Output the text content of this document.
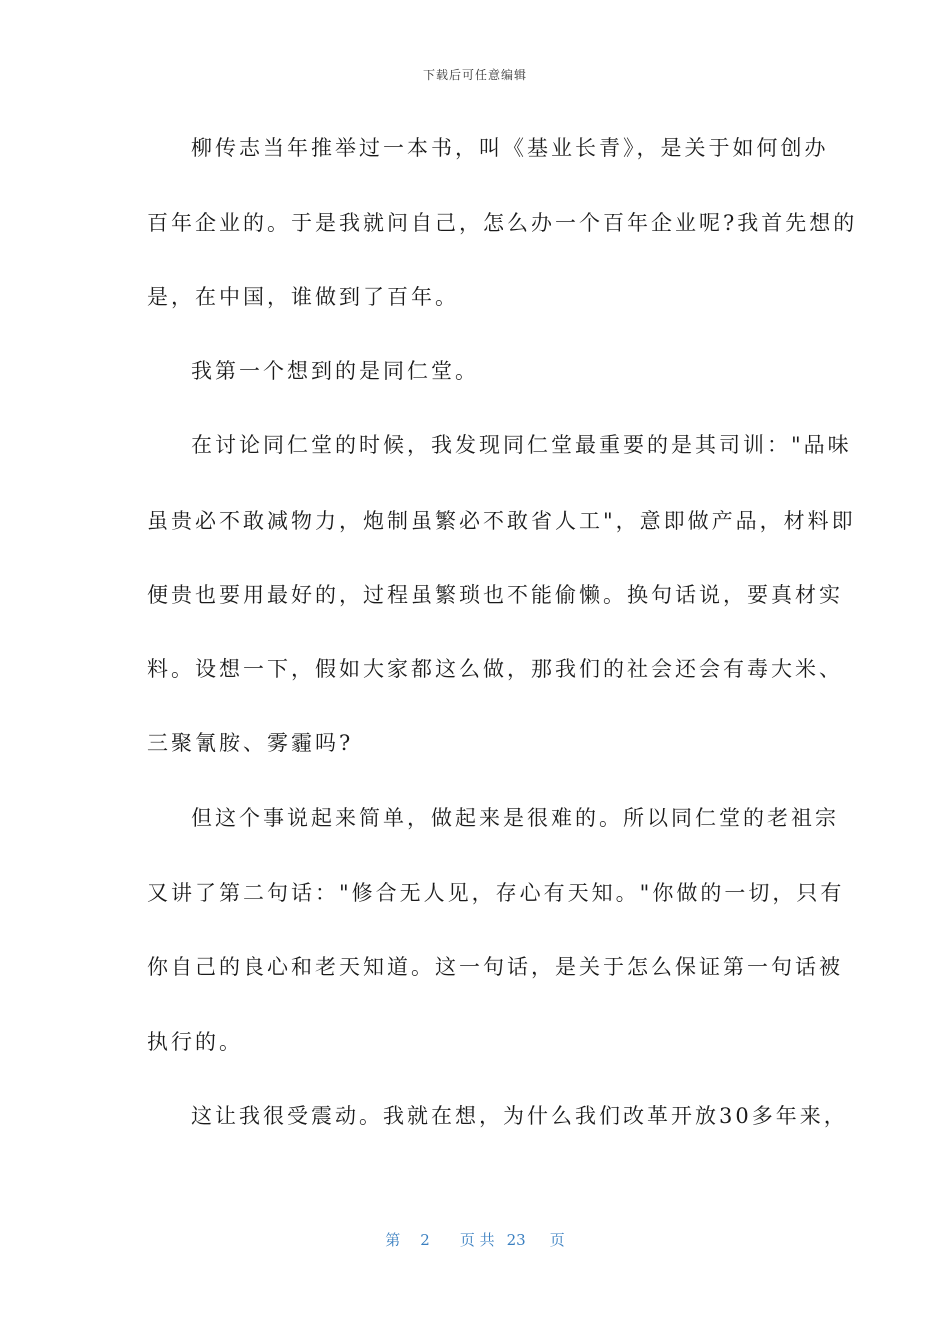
下载后可任意编辑
柳传志当年推举过一本书，叫《基业长青》，是关于如何创办
百年企业的。于是我就问自己，怎么办一个百年企业呢?我首先想的
是，在中国，谁做到了百年。
我第一个想到的是同仁堂。
在讨论同仁堂的时候，我发现同仁堂最重要的是其司训："品味
虽贵必不敢减物力，炮制虽繁必不敢省人工"，意即做产品，材料即
便贵也要用最好的，过程虽繁琐也不能偷懒。换句话说，要真材实
料。设想一下，假如大家都这么做，那我们的社会还会有毒大米、
三聚氰胺、雾霾吗?
但这个事说起来简单，做起来是很难的。所以同仁堂的老祖宗
又讲了第二句话："修合无人见，存心有天知。"你做的一切，只有
你自己的良心和老天知道。这一句话，是关于怎么保证第一句话被
执行的。
这让我很受震动。我就在想，为什么我们改革开放30多年来，
第 2 页 共 23 页
